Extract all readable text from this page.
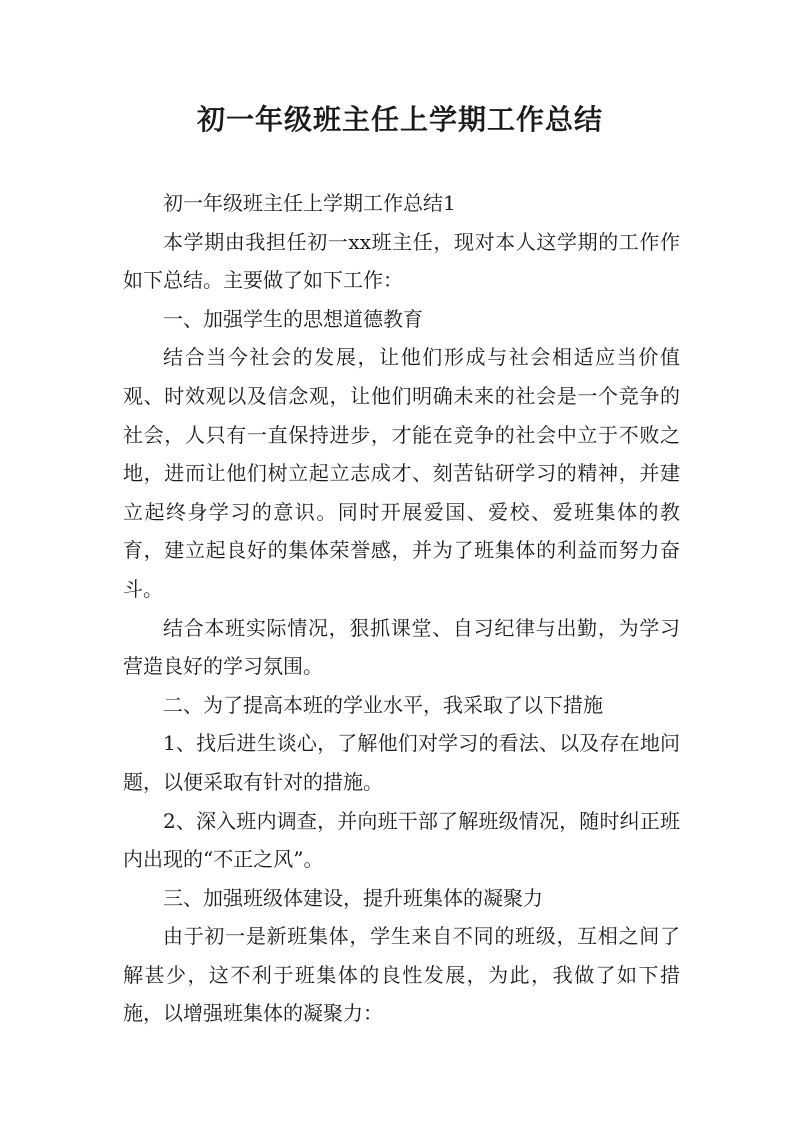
初一年级班主任上学期工作总结

初一年级班主任上学期工作总结1

本学期由我担任初一xx班主任，现对本人这学期的工作作如下总结。主要做了如下工作：

一、加强学生的思想道德教育

结合当今社会的发展，让他们形成与社会相适应当价值观、时效观以及信念观，让他们明确未来的社会是一个竞争的社会，人只有一直保持进步，才能在竞争的社会中立于不败之地，进而让他们树立起立志成才、刻苦钻研学习的精神，并建立起终身学习的意识。同时开展爱国、爱校、爱班集体的教育，建立起良好的集体荣誉感，并为了班集体的利益而努力奋斗。

结合本班实际情况，狠抓课堂、自习纪律与出勤，为学习营造良好的学习氛围。

二、为了提高本班的学业水平，我采取了以下措施

1、找后进生谈心，了解他们对学习的看法、以及存在地问题，以便采取有针对的措施。

2、深入班内调查，并向班干部了解班级情况，随时纠正班内出现的“不正之风”。

三、加强班级体建设，提升班集体的凝聚力

由于初一是新班集体，学生来自不同的班级，互相之间了解甚少，这不利于班集体的良性发展，为此，我做了如下措施，以增强班集体的凝聚力：
